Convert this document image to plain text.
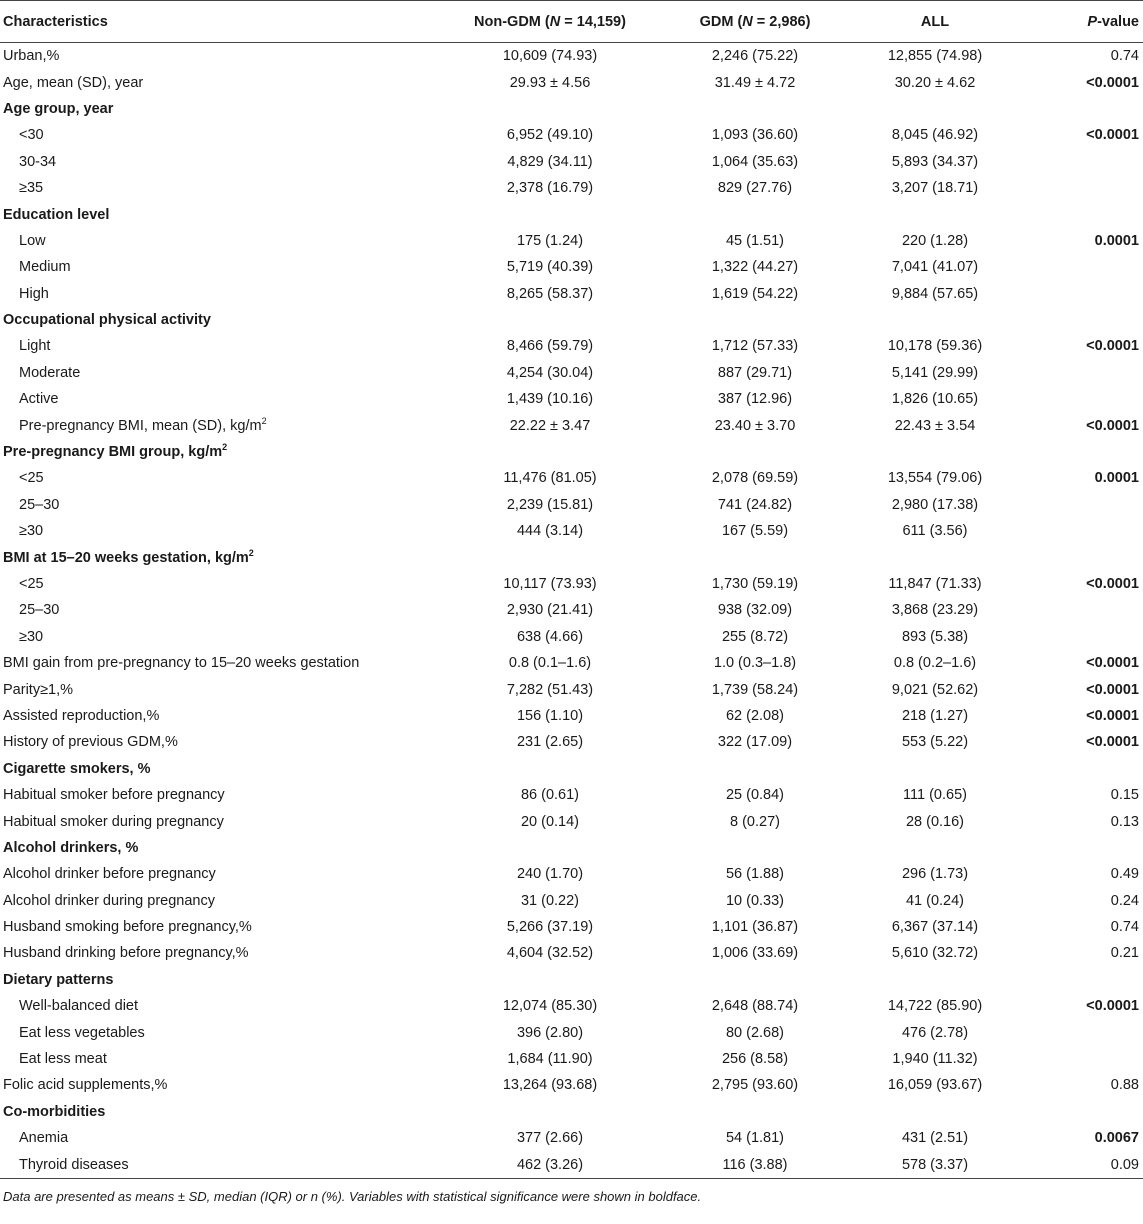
Characteristics	Non-GDM (N = 14,159)	GDM (N = 2,986)	ALL	P-value
Urban,%	10,609 (74.93)	2,246 (75.22)	12,855 (74.98)	0.74
Age, mean (SD), year	29.93 ± 4.56	31.49 ± 4.72	30.20 ± 4.62	<0.0001
Age group, year				
<30	6,952 (49.10)	1,093 (36.60)	8,045 (46.92)	<0.0001
30-34	4,829 (34.11)	1,064 (35.63)	5,893 (34.37)	
≥35	2,378 (16.79)	829 (27.76)	3,207 (18.71)	
Education level				
Low	175 (1.24)	45 (1.51)	220 (1.28)	0.0001
Medium	5,719 (40.39)	1,322 (44.27)	7,041 (41.07)	
High	8,265 (58.37)	1,619 (54.22)	9,884 (57.65)	
Occupational physical activity				
Light	8,466 (59.79)	1,712 (57.33)	10,178 (59.36)	<0.0001
Moderate	4,254 (30.04)	887 (29.71)	5,141 (29.99)	
Active	1,439 (10.16)	387 (12.96)	1,826 (10.65)	
Pre-pregnancy BMI, mean (SD), $kg/m^2$	22.22 ± 3.47	23.40 ± 3.70	22.43 ± 3.54	<0.0001
Pre-pregnancy BMI group, $kg/m^2$				
<25	11,476 (81.05)	2,078 (69.59)	13,554 (79.06)	0.0001
25–30	2,239 (15.81)	741 (24.82)	2,980 (17.38)	
≥30	444 (3.14)	167 (5.59)	611 (3.56)	
BMI at 15–20 weeks gestation, $kg/m^2$				
<25	10,117 (73.93)	1,730 (59.19)	11,847 (71.33)	<0.0001
25–30	2,930 (21.41)	938 (32.09)	3,868 (23.29)	
≥30	638 (4.66)	255 (8.72)	893 (5.38)	
BMI gain from pre-pregnancy to 15–20 weeks gestation	0.8 (0.1–1.6)	1.0 (0.3–1.8)	0.8 (0.2–1.6)	<0.0001
Parity≥1,%	7,282 (51.43)	1,739 (58.24)	9,021 (52.62)	<0.0001
Assisted reproduction,%	156 (1.10)	62 (2.08)	218 (1.27)	<0.0001
History of previous GDM,%	231 (2.65)	322 (17.09)	553 (5.22)	<0.0001
Cigarette smokers, %				
Habitual smoker before pregnancy	86 (0.61)	25 (0.84)	111 (0.65)	0.15
Habitual smoker during pregnancy	20 (0.14)	8 (0.27)	28 (0.16)	0.13
Alcohol drinkers, %				
Alcohol drinker before pregnancy	240 (1.70)	56 (1.88)	296 (1.73)	0.49
Alcohol drinker during pregnancy	31 (0.22)	10 (0.33)	41 (0.24)	0.24
Husband smoking before pregnancy,%	5,266 (37.19)	1,101 (36.87)	6,367 (37.14)	0.74
Husband drinking before pregnancy,%	4,604 (32.52)	1,006 (33.69)	5,610 (32.72)	0.21
Dietary patterns				
Well-balanced diet	12,074 (85.30)	2,648 (88.74)	14,722 (85.90)	<0.0001
Eat less vegetables	396 (2.80)	80 (2.68)	476 (2.78)	
Eat less meat	1,684 (11.90)	256 (8.58)	1,940 (11.32)	
Folic acid supplements,%	13,264 (93.68)	2,795 (93.60)	16,059 (93.67)	0.88
Co-morbidities				
Anemia	377 (2.66)	54 (1.81)	431 (2.51)	0.0067
Thyroid diseases	462 (3.26)	116 (3.88)	578 (3.37)	0.09
Data are presented as means ± SD, median (IQR) or n (%). Variables with statistical significance were shown in boldface.
